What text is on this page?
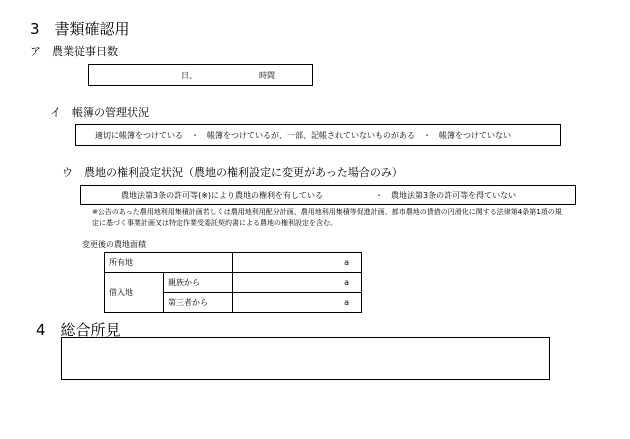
3　書類確認用
ア　農業従事日数
日、	時間
イ　帳簿の管理状況
適切に帳簿をつけている　・　帳簿をつけているが、一部、記帳されていないものがある　・　帳簿をつけていない
ウ　農地の権利設定状況（農地の権利設定に変更があった場合のみ）
農地法第3条の許可等(※)により農地の権利を有している	・　農地法第3条の許可等を得ていない
※公告のあった農用地利用集積計画若しくは農用地利用配分計画、農用地利用集積等促進計画、都市農地の貸借の円滑化に関する法律第4条第1項の規
定に基づく事業計画又は特定作業受委託契約書による農地の権利設定を含む。
変更後の農地面積
所有地		a
借入地	親族から	a
	第三者から	a
4　総合所見
